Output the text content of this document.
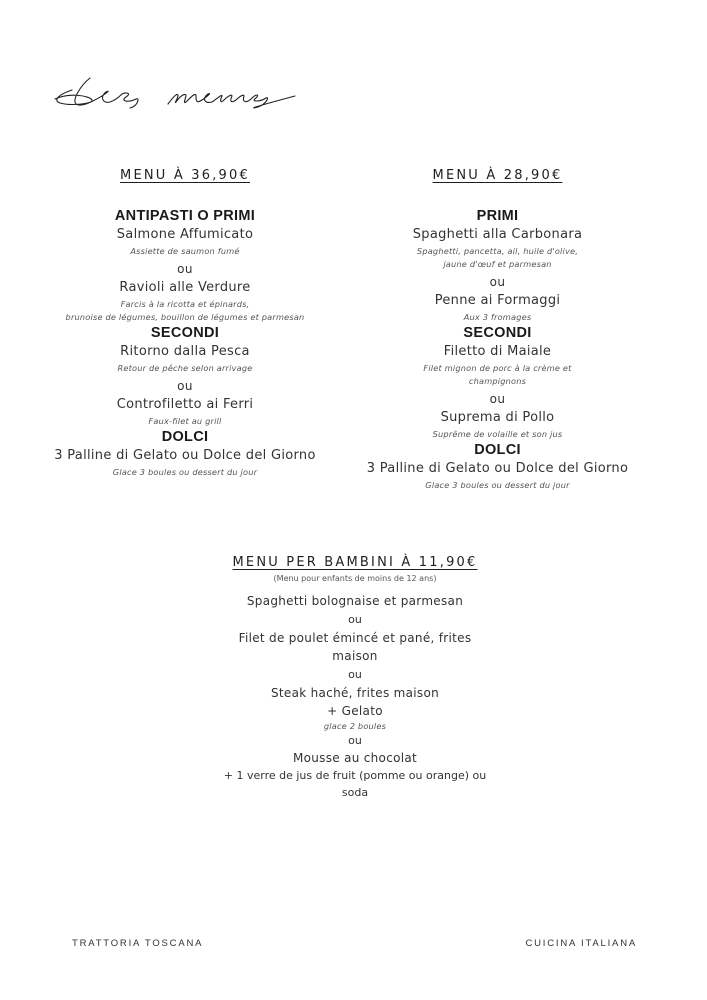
MENU À 36,90€
ANTIPASTI O PRIMI
Salmone Affumicato
Assiette de saumon fumé
ou
Ravioli alle Verdure
Farcis à la ricotta et épinards,
brunoise de légumes, bouillon de légumes et parmesan
SECONDI
Ritorno dalla Pesca
Retour de pêche selon arrivage
ou
Controfiletto ai Ferri
Faux-filet au grill
DOLCI
3 Palline di Gelato ou Dolce del Giorno
Glace 3 boules ou dessert du jour
MENU À 28,90€
PRIMI
Spaghetti alla Carbonara
Spaghetti, pancetta, ail, huile d'olive,
jaune d'œuf et parmesan
ou
Penne ai Formaggi
Aux 3 fromages
SECONDI
Filetto di Maiale
Filet mignon de porc à la crème et
champignons
ou
Suprema di Pollo
Suprême de volaille et son jus
DOLCI
3 Palline di Gelato ou Dolce del Giorno
Glace 3 boules ou dessert du jour
MENU PER BAMBINI À 11,90€
(Menu pour enfants de moins de 12 ans)
Spaghetti bolognaise et parmesan
ou
Filet de poulet émincé et pané, frites
maison
ou
Steak haché, frites maison
+ Gelato
glace 2 boules
ou
Mousse au chocolat
+ 1 verre de jus de fruit (pomme ou orange) ou
soda
TRATTORIA TOSCANA	CUICINA ITALIANA
